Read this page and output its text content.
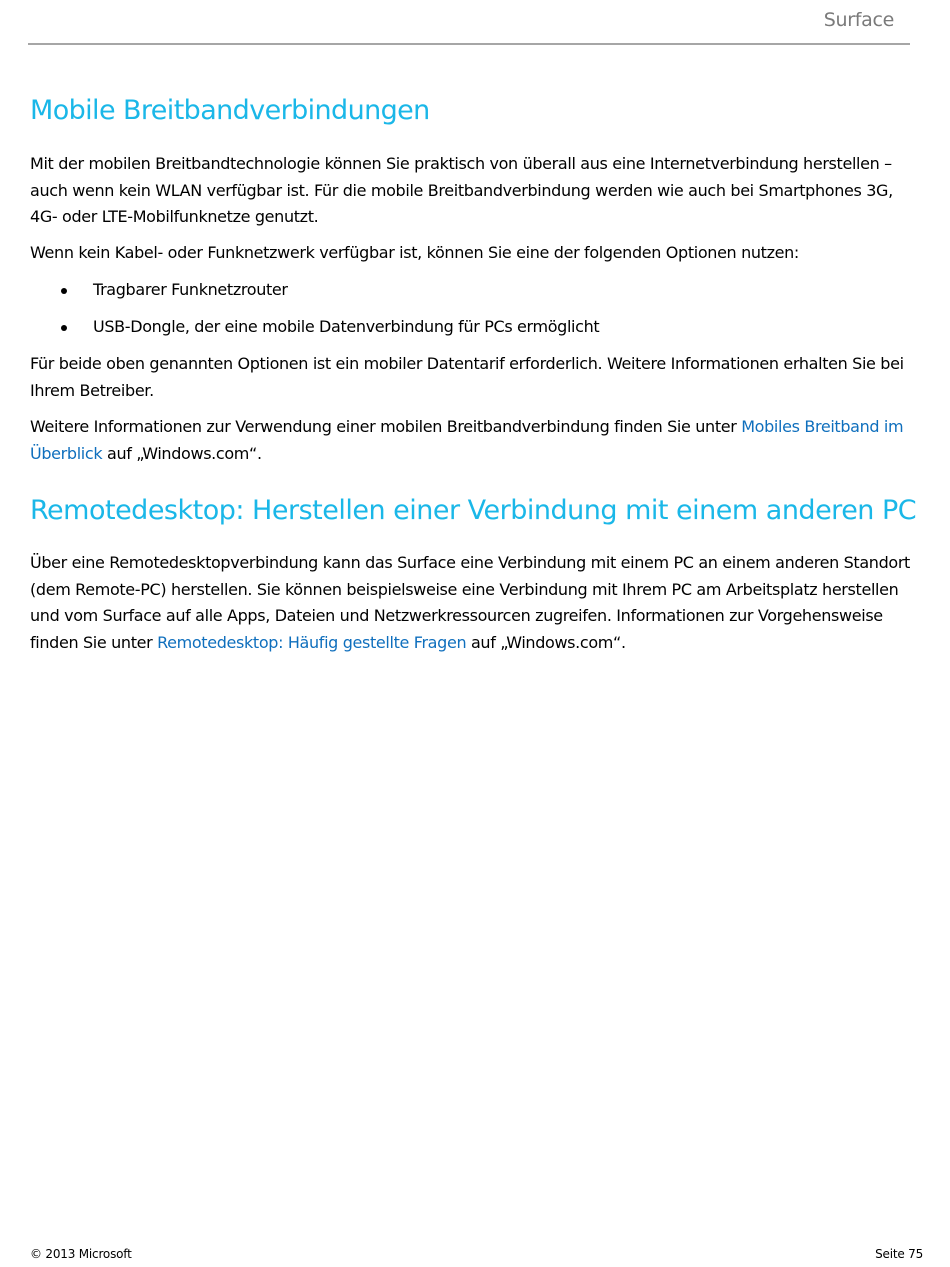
Surface
Mobile Breitbandverbindungen

Mit der mobilen Breitbandtechnologie können Sie praktisch von überall aus eine Internetverbindung herstellen – auch wenn kein WLAN verfügbar ist. Für die mobile Breitbandverbindung werden wie auch bei Smartphones 3G, 4G- oder LTE-Mobilfunknetze genutzt.

Wenn kein Kabel- oder Funknetzwerk verfügbar ist, können Sie eine der folgenden Optionen nutzen:

Tragbarer Funknetzrouter
USB-Dongle, der eine mobile Datenverbindung für PCs ermöglicht

Für beide oben genannten Optionen ist ein mobiler Datentarif erforderlich. Weitere Informationen erhalten Sie bei Ihrem Betreiber.

Weitere Informationen zur Verwendung einer mobilen Breitbandverbindung finden Sie unter Mobiles Breitband im Überblick auf „Windows.com“.

Remotedesktop: Herstellen einer Verbindung mit einem anderen PC

Über eine Remotedesktopverbindung kann das Surface eine Verbindung mit einem PC an einem anderen Standort (dem Remote-PC) herstellen. Sie können beispielsweise eine Verbindung mit Ihrem PC am Arbeitsplatz herstellen und vom Surface auf alle Apps, Dateien und Netzwerkressourcen zugreifen. Informationen zur Vorgehensweise finden Sie unter Remotedesktop: Häufig gestellte Fragen auf „Windows.com“.

© 2013 Microsoft	Seite 75
